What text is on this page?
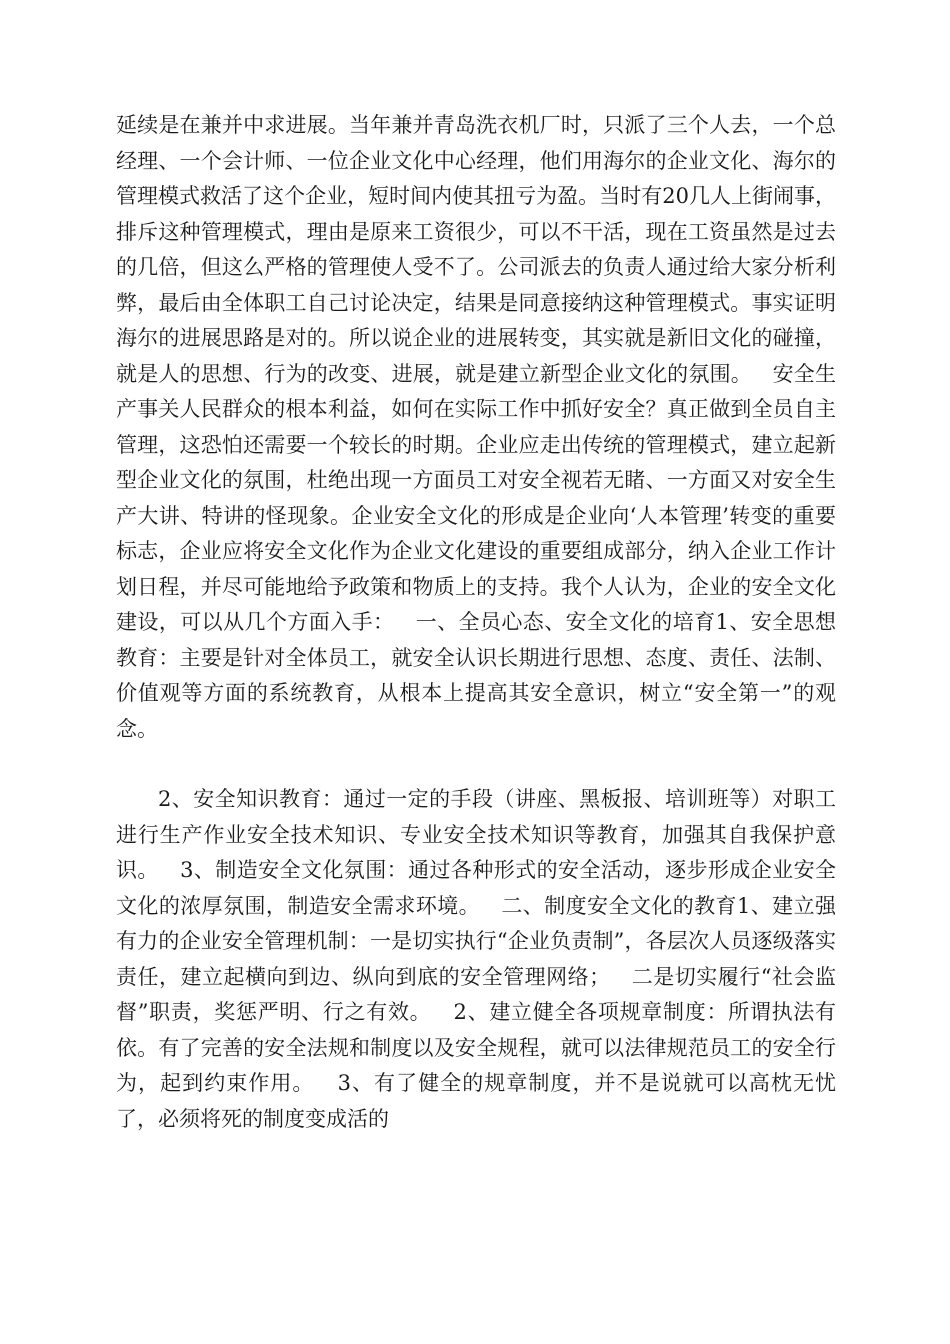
延续是在兼并中求进展。当年兼并青岛洗衣机厂时，只派了三个人去，一个总经理、一个会计师、一位企业文化中心经理，他们用海尔的企业文化、海尔的管理模式救活了这个企业，短时间内使其扭亏为盈。当时有20几人上街闹事，排斥这种管理模式，理由是原来工资很少，可以不干活，现在工资虽然是过去的几倍，但这么严格的管理使人受不了。公司派去的负责人通过给大家分析利弊，最后由全体职工自己讨论决定，结果是同意接纳这种管理模式。事实证明海尔的进展思路是对的。所以说企业的进展转变，其实就是新旧文化的碰撞，就是人的思想、行为的改变、进展，就是建立新型企业文化的氛围。   安全生产事关人民群众的根本利益，如何在实际工作中抓好安全？真正做到全员自主管理，这恐怕还需要一个较长的时期。企业应走出传统的管理模式，建立起新型企业文化的氛围，杜绝出现一方面员工对安全视若无睹、一方面又对安全生产大讲、特讲的怪现象。企业安全文化的形成是企业向‘人本管理’转变的重要标志，企业应将安全文化作为企业文化建设的重要组成部分，纳入企业工作计划日程，并尽可能地给予政策和物质上的支持。我个人认为，企业的安全文化建设，可以从几个方面入手：   一、全员心态、安全文化的培育1、安全思想教育：主要是针对全体员工，就安全认识长期进行思想、态度、责任、法制、价值观等方面的系统教育，从根本上提高其安全意识，树立“安全第一”的观念。

2、安全知识教育：通过一定的手段（讲座、黑板报、培训班等）对职工进行生产作业安全技术知识、专业安全技术知识等教育，加强其自我保护意识。   3、制造安全文化氛围：通过各种形式的安全活动，逐步形成企业安全文化的浓厚氛围，制造安全需求环境。   二、制度安全文化的教育1、建立强有力的企业安全管理机制：一是切实执行“企业负责制”，各层次人员逐级落实责任，建立起横向到边、纵向到底的安全管理网络；   二是切实履行“社会监督”职责，奖惩严明、行之有效。   2、建立健全各项规章制度：所谓执法有依。有了完善的安全法规和制度以及安全规程，就可以法律规范员工的安全行为，起到约束作用。   3、有了健全的规章制度，并不是说就可以高枕无忧了，必须将死的制度变成活的
